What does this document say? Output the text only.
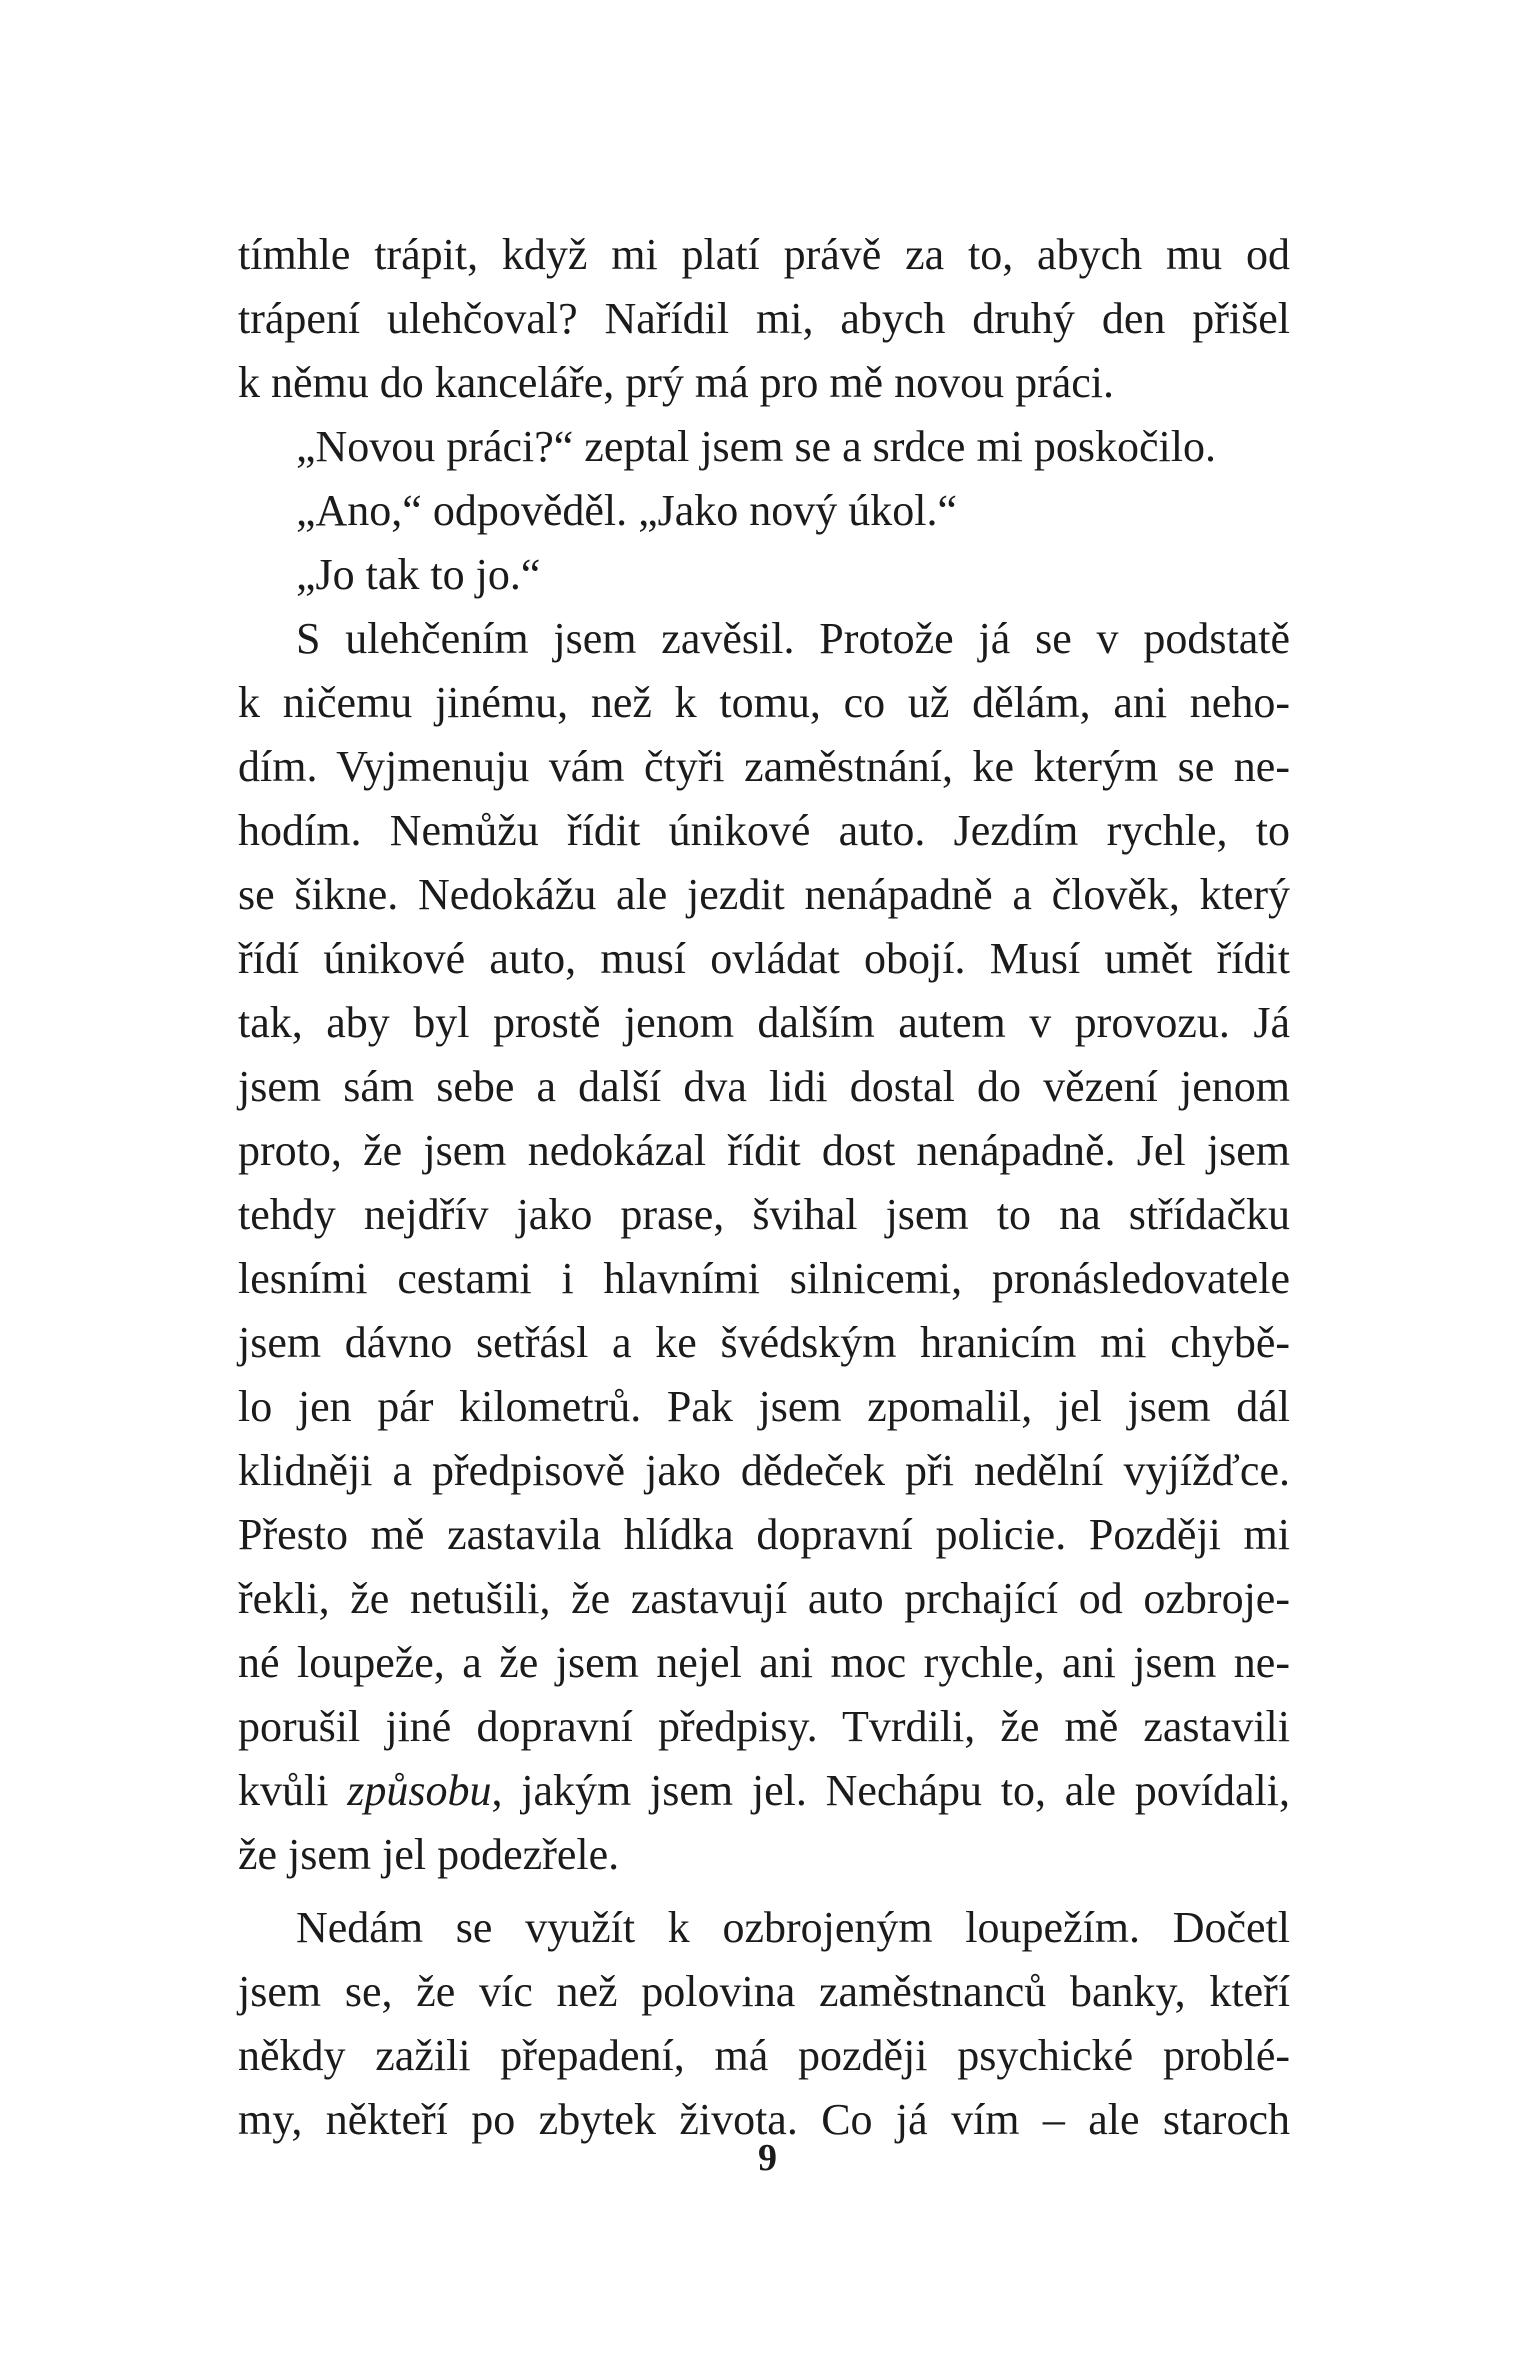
tímhle trápit, když mi platí právě za to, abych mu od
trápení ulehčoval? Nařídil mi, abych druhý den přišel
k němu do kanceláře, prý má pro mě novou práci.
„Novou práci?“ zeptal jsem se a srdce mi poskočilo.
„Ano,“ odpověděl. „Jako nový úkol.“
„Jo tak to jo.“
S ulehčením jsem zavěsil. Protože já se v podstatě
k ničemu jinému, než k tomu, co už dělám, ani neho-
dím. Vyjmenuju vám čtyři zaměstnání, ke kterým se ne-
hodím. Nemůžu řídit únikové auto. Jezdím rychle, to
se šikne. Nedokážu ale jezdit nenápadně a člověk, který
řídí únikové auto, musí ovládat obojí. Musí umět řídit
tak, aby byl prostě jenom dalším autem v provozu. Já
jsem sám sebe a další dva lidi dostal do vězení jenom
proto, že jsem nedokázal řídit dost nenápadně. Jel jsem
tehdy nejdřív jako prase, švihal jsem to na střídačku
lesními cestami i hlavními silnicemi, pronásledovatele
jsem dávno setřásl a ke švédským hranicím mi chybě-
lo jen pár kilometrů. Pak jsem zpomalil, jel jsem dál
klidněji a předpisově jako dědeček při nedělní vyjížďce.
Přesto mě zastavila hlídka dopravní policie. Později mi
řekli, že netušili, že zastavují auto prchající od ozbroje-
né loupeže, a že jsem nejel ani moc rychle, ani jsem ne-
porušil jiné dopravní předpisy. Tvrdili, že mě zastavili
kvůli způsobu, jakým jsem jel. Nechápu to, ale povídali,
že jsem jel podezřele.
Nedám se využít k ozbrojeným loupežím. Dočetl
jsem se, že víc než polovina zaměstnanců banky, kteří
někdy zažili přepadení, má později psychické problé-
my, někteří po zbytek života. Co já vím – ale staroch
9
